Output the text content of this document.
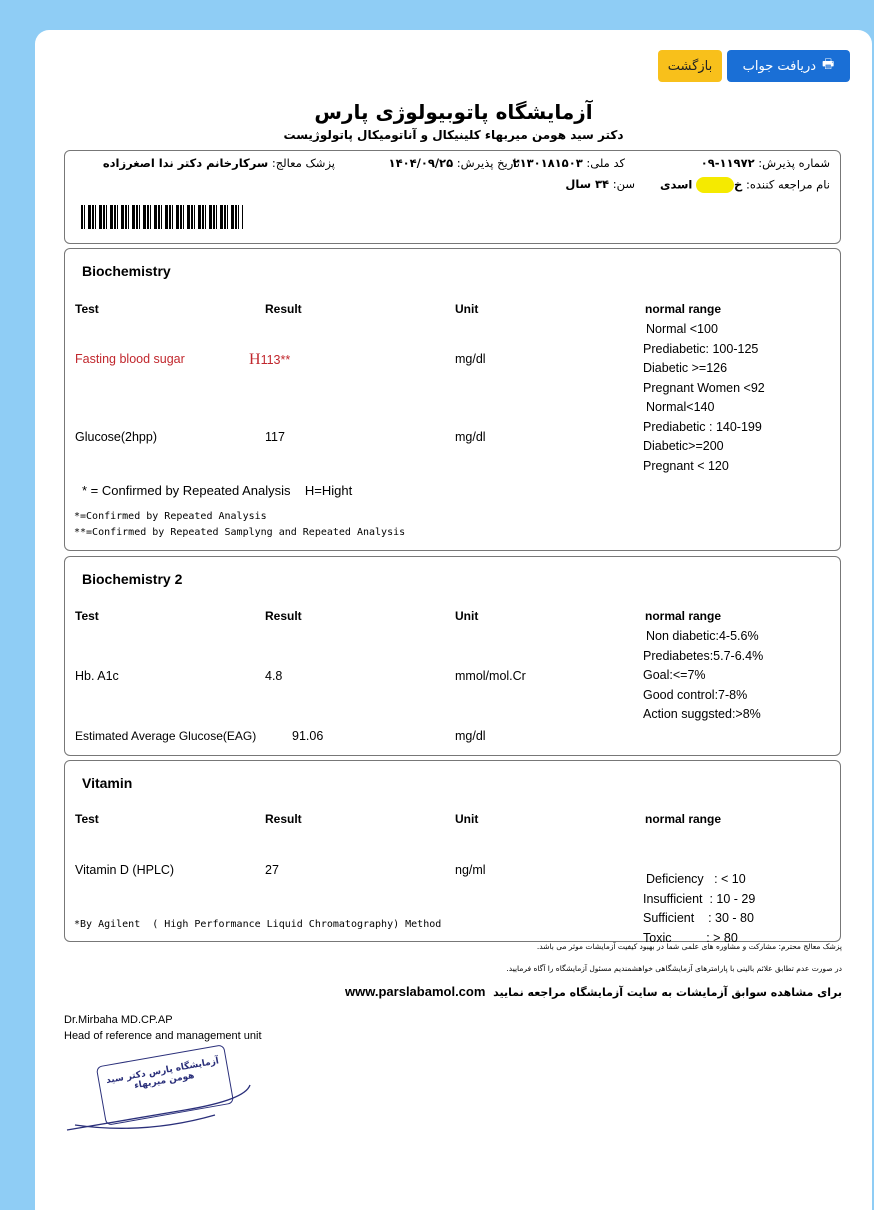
🖶
دریافت جواب
بازگشت
آزمایشگاه پاتوبیولوژی پارس
دکتر سید هومن میربهاء کلینیکال و آناتومیکال پاتولوژیست
شماره پذیرش: ۱۱۹۷۲-۰۹
کد ملی: ۲۱۳۰۱۸۱۵۰۳
تاریخ پذیرش: ۱۴۰۴/۰۹/۲۵
پزشک معالج: سرکارخانم دکتر ندا اصغرزاده
نام مراجعه کننده: خ اسدی
سن: ۳۴ سال
Biochemistry
Test	Result	Unit	normal range
Fasting blood sugar	H113**	mg/dl
Normal <100
Prediabetic: 100-125
Diabetic >=126
Pregnant Women <92
Glucose(2hpp)	117	mg/dl
Normal<140
Prediabetic : 140-199
Diabetic>=200
Pregnant < 120
* = Confirmed by Repeated Analysis    H=Hight
*=Confirmed by Repeated Analysis
**=Confirmed by Repeated Samplyng and Repeated Analysis
Biochemistry 2
Test	Result	Unit	normal range
Hb. A1c	4.8	mmol/mol.Cr
Non diabetic:4-5.6%
Prediabetes:5.7-6.4%
Goal:<=7%
Good control:7-8%
Action suggsted:>8%
Estimated Average Glucose(EAG)	91.06	mg/dl
Vitamin
Test	Result	Unit	normal range
Vitamin D (HPLC)	27	ng/ml

Deficiency   : < 10
Insufficient  : 10 - 29
Sufficient    : 30 - 80
Toxic          : > 80

*By Agilent  ( High Performance Liquid Chromatography) Method
پزشک معالج محترم: مشارکت و مشاوره های علمی شما در بهبود کیفیت آزمایشات موثر می باشد.
در صورت عدم تطابق علائم بالینی با پارامترهای آزمایشگاهی خواهشمندیم مسئول آزمایشگاه را آگاه فرمایید.
برای مشاهده سوابق آزمایشات به سایت آزمایشگاه مراجعه نمایید  www.parslabamol.com
Dr.Mirbaha MD.CP.AP
Head of reference and management unit
آزمایشگاه پارس دکتر سید هومن میربهاء
